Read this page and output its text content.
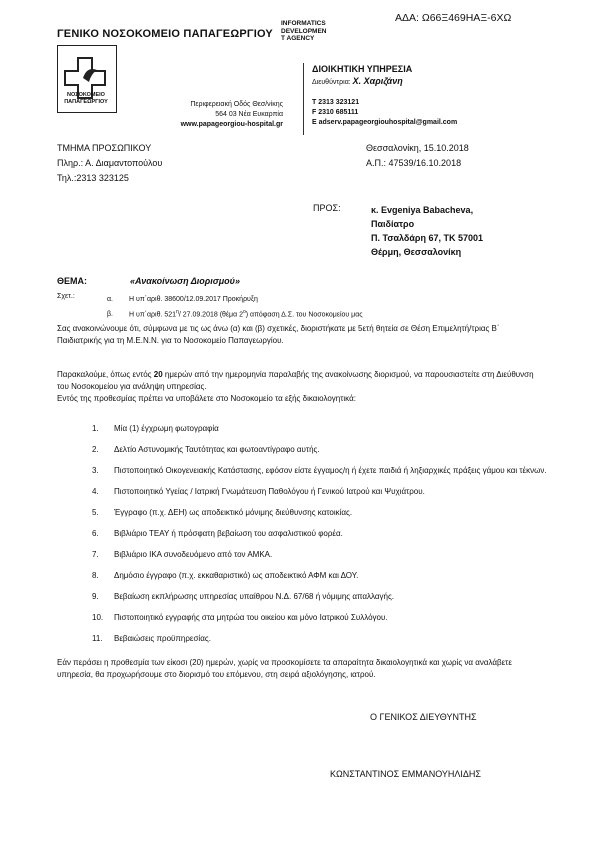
ΑΔΑ: Ω66Ξ469ΗΑΞ-6ΧΩ
ΓΕΝΙΚΟ ΝΟΣΟΚΟΜΕΙΟ ΠΑΠΑΓΕΩΡΓΙΟΥ
INFORMATICS
DEVELOPMEN
T AGENCY
ΝΟΣΟΚΟΜΕΙΟ
ΠΑΠΑΓΕΩΡΓΙΟΥ	Περιφερειακή Οδός Θεσ/νίκης
564 03 Νέα Ευκαρπία
www.papageorgiou-hospital.gr
ΔΙΟΙΚΗΤΙΚΗ ΥΠΗΡΕΣΙΑ
Διευθύντρια: Χ. Χαριζάνη
T 2313 323121
F 2310 685111
E adserv.papageorgiouhospital@gmail.com
ΤΜΗΜΑ ΠΡΟΣΩΠΙΚΟΥ
Πληρ.: Α. Διαμαντοπούλου
Τηλ.:2313 323125
Θεσσαλονίκη, 15.10.2018
Α.Π.: 47539/16.10.2018
ΠΡΟΣ:	κ. Evgeniya Babacheva,
Παιδίατρο
Π. Τσαλδάρη 67, ΤΚ 57001
Θέρμη, Θεσσαλονίκη
ΘΕΜΑ:	«Ανακοίνωση Διορισμού»
Σχετ.:	α. Η υπ΄αριθ. 38600/12.09.2017 Προκήρυξη
β. Η υπ΄αριθ. $521^\eta/$ 27.09.2018 (θέμα $2^o$) απόφαση Δ.Σ. του Νοσοκομείου μας
Σας ανακοινώνουμε ότι, σύμφωνα με τις ως άνω (α) και (β) σχετικές, διοριστήκατε με 5ετή θητεία σε Θέση Επιμελητή/τριας Β΄ Παιδιατρικής για τη Μ.Ε.Ν.Ν. για το Νοσοκομείο Παπαγεωργίου.
Παρακαλούμε, όπως εντός 20 ημερών από την ημερομηνία παραλαβής της ανακοίνωσης διορισμού, να παρουσιαστείτε στη Διεύθυνση του Νοσοκομείου για ανάληψη υπηρεσίας.
Εντός της προθεσμίας πρέπει να υποβάλετε στο Νοσοκομείο τα εξής δικαιολογητικά:
1. Μία (1) έγχρωμη φωτογραφία
2. Δελτίο Αστυνομικής Ταυτότητας και φωτοαντίγραφο αυτής.
3. Πιστοποιητικό Οικογενειακής Κατάστασης, εφόσον είστε έγγαμος/η ή έχετε παιδιά ή ληξιαρχικές πράξεις γάμου και τέκνων.
4. Πιστοποιητικό Υγείας / Ιατρική Γνωμάτευση Παθολόγου ή Γενικού Ιατρού και Ψυχιάτρου.
5. Έγγραφο (π.χ. ΔΕΗ) ως αποδεικτικό μόνιμης διεύθυνσης κατοικίας.
6. Βιβλιάριο ΤΕΑΥ ή πρόσφατη βεβαίωση του ασφαλιστικού φορέα.
7. Βιβλιάριο ΙΚΑ συνοδευόμενο από τον ΑΜΚΑ.
8. Δημόσιο έγγραφο (π.χ. εκκαθαριστικό) ως αποδεικτικό ΑΦΜ και ΔΟΥ.
9. Βεβαίωση εκπλήρωσης υπηρεσίας υπαίθρου Ν.Δ. 67/68 ή νόμιμης απαλλαγής.
10. Πιστοποιητικό εγγραφής στα μητρώα του οικείου και μόνο Ιατρικού Συλλόγου.
11. Βεβαιώσεις προϋπηρεσίας.
Εάν περάσει η προθεσμία των είκοσι (20) ημερών, χωρίς να προσκομίσετε τα απαραίτητα δικαιολογητικά και χωρίς να αναλάβετε υπηρεσία, θα προχωρήσουμε στο διορισμό του επόμενου, στη σειρά αξιολόγησης, ιατρού.
Ο ΓΕΝΙΚΟΣ ΔΙΕΥΘΥΝΤΗΣ
ΚΩΝΣΤΑΝΤΙΝΟΣ ΕΜΜΑΝΟΥΗΛΙΔΗΣ
